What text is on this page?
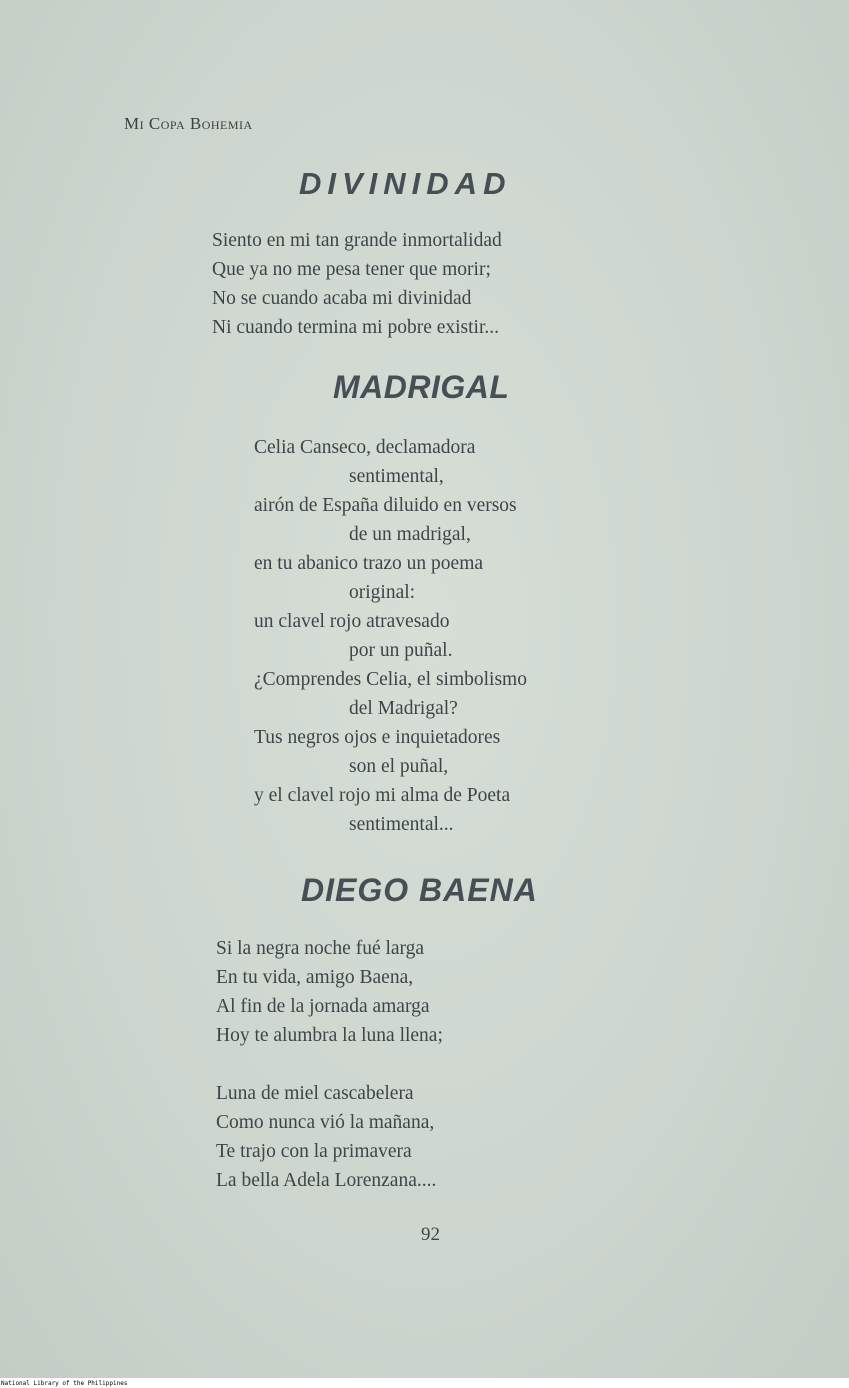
Mi Copa Bohemia
DIVINIDAD
Siento en mi tan grande inmortalidad
Que ya no me pesa tener que morir;
No se cuando acaba mi divinidad
Ni cuando termina mi pobre existir...
MADRIGAL
Celia Canseco, declamadora
sentimental,
airón de España diluido en versos
de un madrigal,
en tu abanico trazo un poema
original:
un clavel rojo atravesado
por un puñal.
¿Comprendes Celia, el simbolismo
del Madrigal?
Tus negros ojos e inquietadores
son el puñal,
y el clavel rojo mi alma de Poeta
sentimental...
DIEGO BAENA
Si la negra noche fué larga
En tu vida, amigo Baena,
Al fin de la jornada amarga
Hoy te alumbra la luna llena;
Luna de miel cascabelera
Como nunca vió la mañana,
Te trajo con la primavera
La bella Adela Lorenzana....
92
National Library of the Philippines
